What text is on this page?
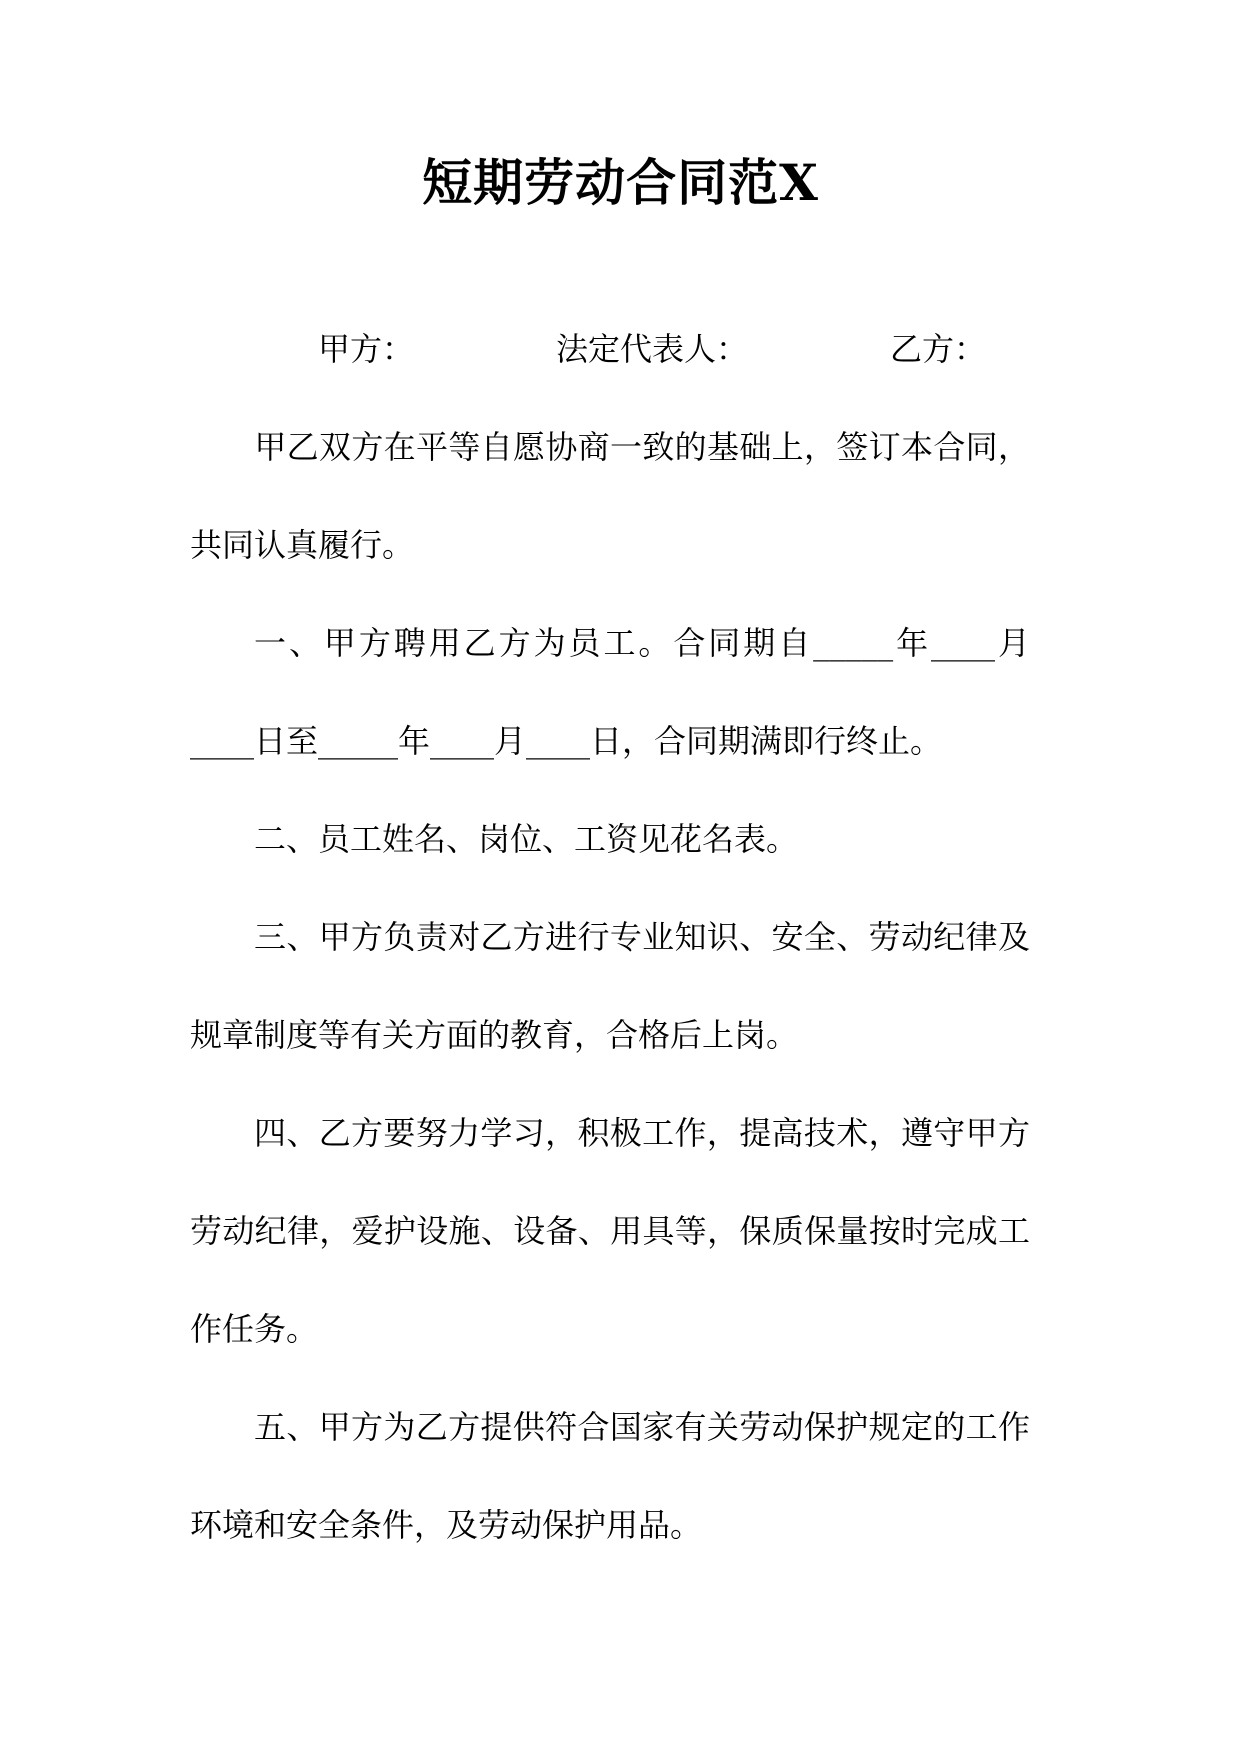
短期劳动合同范X

甲方：	法定代表人：	乙方：甲乙双方在平等自愿协商一致的基础上，签订本合同，共同认真履行。

一、甲方聘用乙方为员工。合同期自_____年____月____日至_____年____月____日，合同期满即行终止。

二、员工姓名、岗位、工资见花名表。

三、甲方负责对乙方进行专业知识、安全、劳动纪律及规章制度等有关方面的教育，合格后上岗。

四、乙方要努力学习，积极工作，提高技术，遵守甲方劳动纪律，爱护设施、设备、用具等，保质保量按时完成工作任务。

五、甲方为乙方提供符合国家有关劳动保护规定的工作环境和安全条件，及劳动保护用品。
